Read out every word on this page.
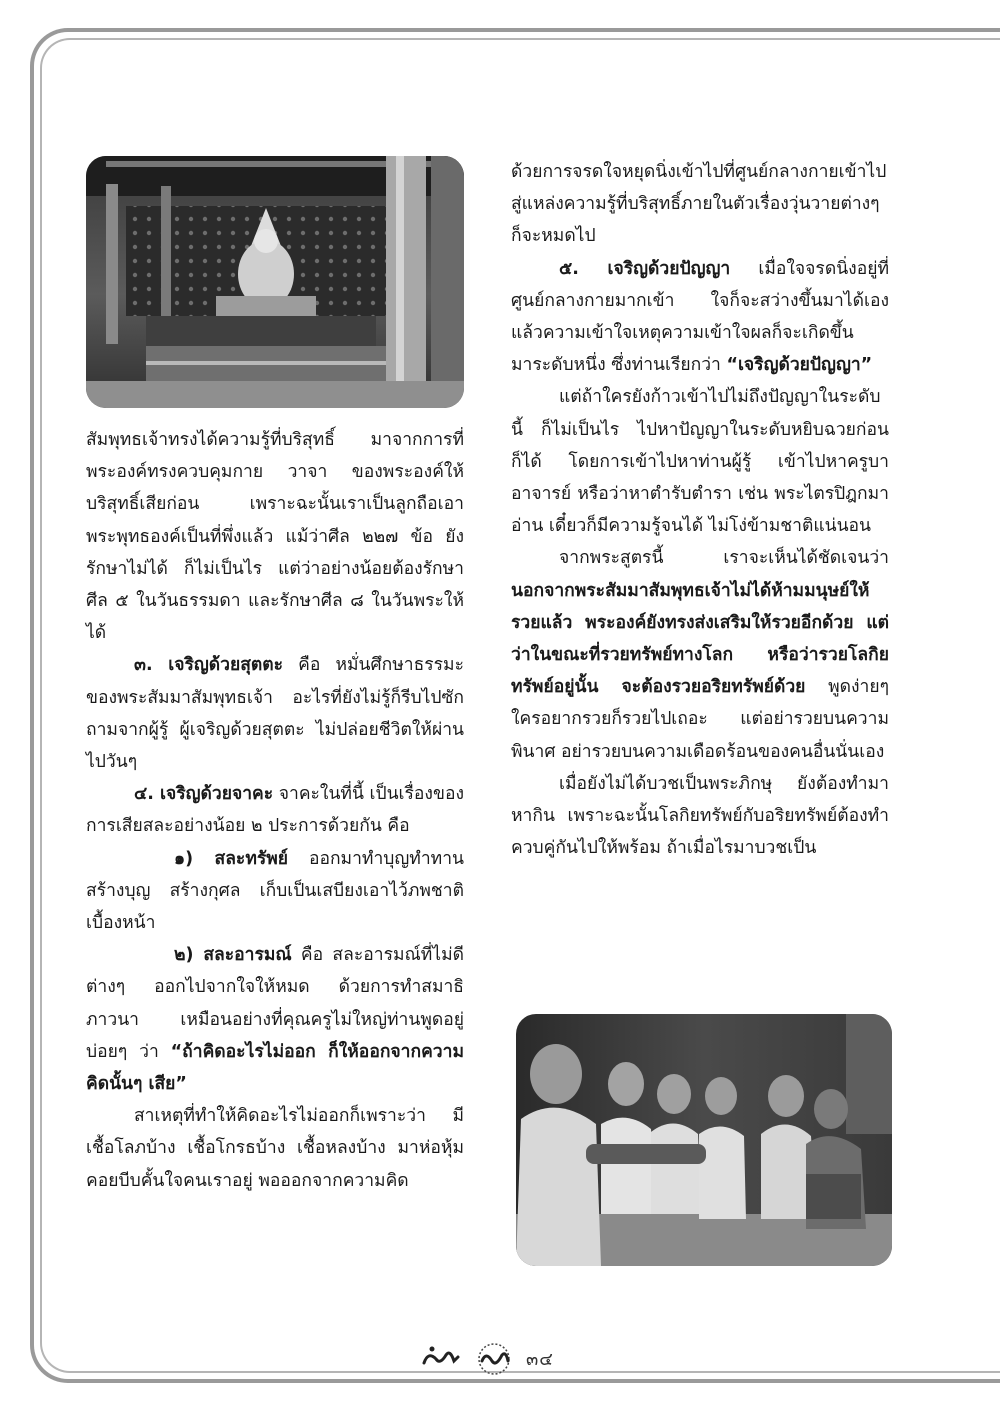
สัมพุทธเจ้าทรงได้ความรู้ที่บริสุทธิ์ มาจากการที่พระองค์ทรงควบคุมกาย วาจา ของพระองค์ให้บริสุทธิ์เสียก่อน เพราะฉะนั้นเราเป็นลูกถือเอาพระพุทธองค์เป็นที่พึ่งแล้ว แม้ว่าศีล ๒๒๗ ข้อ ยังรักษาไม่ได้ ก็ไม่เป็นไร แต่ว่าอย่างน้อยต้องรักษาศีล ๕ ในวันธรรมดา และรักษาศีล ๘ ในวันพระให้ได้

๓. เจริญด้วยสุตตะ คือ หมั่นศึกษาธรรมะของพระสัมมาสัมพุทธเจ้า อะไรที่ยังไม่รู้ก็รีบไปซักถามจากผู้รู้ ผู้เจริญด้วยสุตตะ ไม่ปล่อยชีวิตให้ผ่านไปวันๆ

๔. เจริญด้วยจาคะ จาคะในที่นี้ เป็นเรื่องของการเสียสละอย่างน้อย ๒ ประการด้วยกัน คือ

๑) สละทรัพย์ ออกมาทำบุญทำทาน สร้างบุญ สร้างกุศล เก็บเป็นเสบียงเอาไว้ภพชาติเบื้องหน้า

๒) สละอารมณ์ คือ สละอารมณ์ที่ไม่ดีต่างๆ ออกไปจากใจให้หมด ด้วยการทำสมาธิภาวนา เหมือนอย่างที่คุณครูไม่ใหญ่ท่านพูดอยู่บ่อยๆ ว่า “ถ้าคิดอะไรไม่ออก ก็ให้ออกจากความคิดนั้นๆ เสีย”

สาเหตุที่ทำให้คิดอะไรไม่ออกก็เพราะว่า มีเชื้อโลภบ้าง เชื้อโกรธบ้าง เชื้อหลงบ้าง มาห่อหุ้มคอยบีบคั้นใจคนเราอยู่ พอออกจากความคิด

ด้วยการจรดใจหยุดนิ่งเข้าไปที่ศูนย์กลางกายเข้าไปสู่แหล่งความรู้ที่บริสุทธิ์ภายในตัวเรื่องวุ่นวายต่างๆ ก็จะหมดไป

๕. เจริญด้วยปัญญา เมื่อใจจรดนิ่งอยู่ที่ศูนย์กลางกายมากเข้า ใจก็จะสว่างขึ้นมาได้เอง แล้วความเข้าใจเหตุความเข้าใจผลก็จะเกิดขึ้นมาระดับหนึ่ง ซึ่งท่านเรียกว่า “เจริญด้วยปัญญา”

แต่ถ้าใครยังก้าวเข้าไปไม่ถึงปัญญาในระดับนี้ ก็ไม่เป็นไร ไปหาปัญญาในระดับหยิบฉวยก่อนก็ได้ โดยการเข้าไปหาท่านผู้รู้ เข้าไปหาครูบาอาจารย์ หรือว่าหาตำรับตำรา เช่น พระไตรปิฎกมาอ่าน เดี๋ยวก็มีความรู้จนได้ ไม่โง่ข้ามชาติแน่นอน

จากพระสูตรนี้ เราจะเห็นได้ชัดเจนว่า นอกจากพระสัมมาสัมพุทธเจ้าไม่ได้ห้ามมนุษย์ให้รวยแล้ว พระองค์ยังทรงส่งเสริมให้รวยอีกด้วย แต่ว่าในขณะที่รวยทรัพย์ทางโลก หรือว่ารวยโลกิยทรัพย์อยู่นั้น จะต้องรวยอริยทรัพย์ด้วย พูดง่ายๆ ใครอยากรวยก็รวยไปเถอะ แต่อย่ารวยบนความพินาศ อย่ารวยบนความเดือดร้อนของคนอื่นนั่นเอง

เมื่อยังไม่ได้บวชเป็นพระภิกษุ ยังต้องทำมาหากิน เพราะฉะนั้นโลกิยทรัพย์กับอริยทรัพย์ต้องทำควบคู่กันไปให้พร้อม ถ้าเมื่อไรมาบวชเป็น

๓๔
